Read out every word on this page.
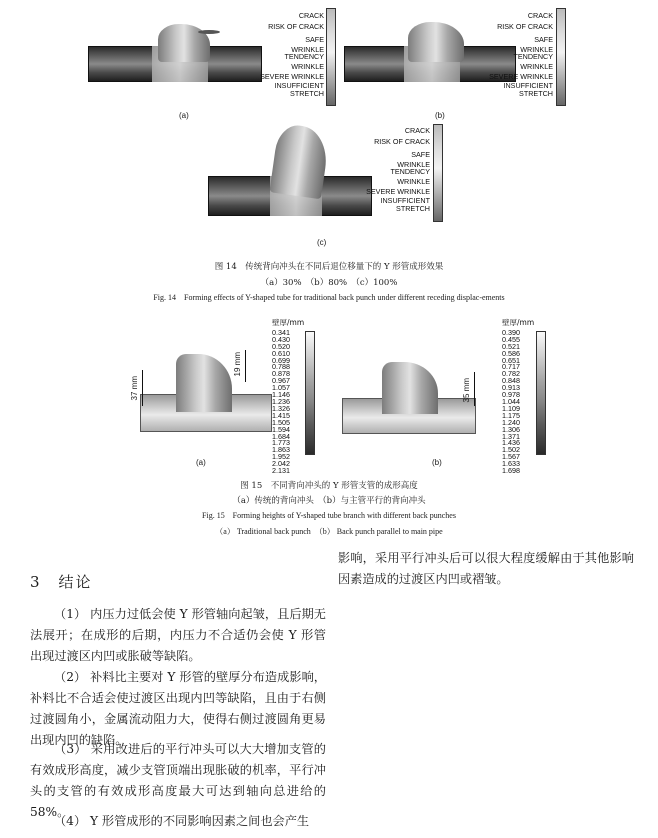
CRACK
RISK OF CRACK
SAFE
WRINKLE TENDENCY
WRINKLE
SEVERE WRINKLE
INSUFFICIENT STRETCH
(a)
CRACK
RISK OF CRACK
SAFE
WRINKLE TENDENCY
WRINKLE
SEVERE WRINKLE
INSUFFICIENT STRETCH
(b)
CRACK
RISK OF CRACK
SAFE
WRINKLE TENDENCY
WRINKLE
SEVERE WRINKLE
INSUFFICIENT STRETCH
(c)
图 14　传统背向冲头在不同后退位移量下的 Y 形管成形效果
（a）30%　（b）80%　（c）100%
Fig. 14　Forming effects of Y-shaped tube for traditional back punch under different receding displac-ements
37 mm
19 mm
壁厚/mm
0.341
0.430
0.520
0.610
0.699
0.788
0.878
0.967
1.057
1.146
1.236
1.326
1.415
1.505
1.594
1.684
1.773
1.863
1.952
2.042
2.131
(a)
35 mm
壁厚/mm
0.390
0.455
0.521
0.586
0.651
0.717
0.782
0.848
0.913
0.978
1.044
1.109
1.175
1.240
1.306
1.371
1.436
1.502
1.567
1.633
1.698
(b)
图 15　不同背向冲头的 Y 形管支管的成形高度
（a）传统的背向冲头　（b）与主管平行的背向冲头
Fig. 15　Forming heights of Y-shaped tube branch with different back punches
（a） Traditional back punch　（b） Back punch parallel to main pipe
影响，采用平行冲头后可以很大程度缓解由于其他影响因素造成的过渡区内凹或褶皱。
3　结论
（1） 内压力过低会使 Y 形管轴向起皱，且后期无法展开；在成形的后期，内压力不合适仍会使 Y 形管出现过渡区内凹或胀破等缺陷。
（2） 补料比主要对 Y 形管的壁厚分布造成影响，补料比不合适会使过渡区出现内凹等缺陷，且由于右侧过渡圆角小，金属流动阻力大，使得右侧过渡圆角更易出现内凹的缺陷。
（3） 采用改进后的平行冲头可以大大增加支管的有效成形高度，减少支管顶端出现胀破的机率，平行冲头的支管的有效成形高度最大可达到轴向总进给的 58%。
（4） Y 形管成形的不同影响因素之间也会产生
